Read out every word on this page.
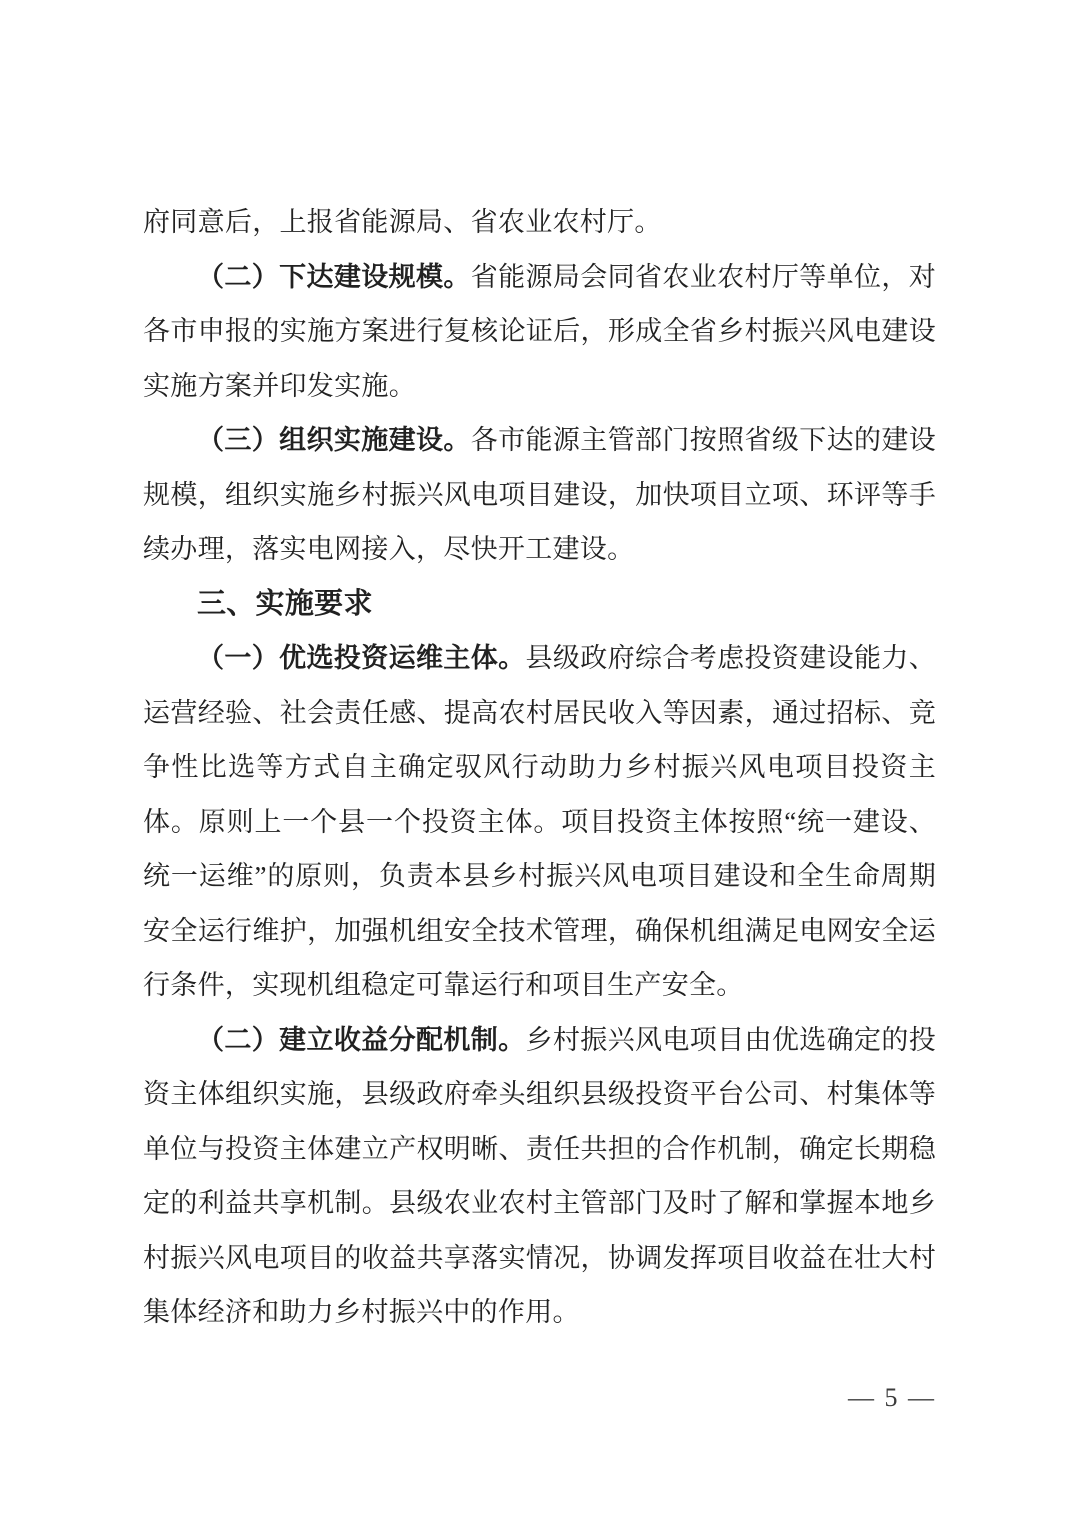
府同意后，上报省能源局、省农业农村厅。

（二）下达建设规模。省能源局会同省农业农村厅等单位，对各市申报的实施方案进行复核论证后，形成全省乡村振兴风电建设实施方案并印发实施。

（三）组织实施建设。各市能源主管部门按照省级下达的建设规模，组织实施乡村振兴风电项目建设，加快项目立项、环评等手续办理，落实电网接入，尽快开工建设。

三、实施要求

（一）优选投资运维主体。县级政府综合考虑投资建设能力、运营经验、社会责任感、提高农村居民收入等因素，通过招标、竞争性比选等方式自主确定驭风行动助力乡村振兴风电项目投资主体。原则上一个县一个投资主体。项目投资主体按照“统一建设、统一运维”的原则，负责本县乡村振兴风电项目建设和全生命周期安全运行维护，加强机组安全技术管理，确保机组满足电网安全运行条件，实现机组稳定可靠运行和项目生产安全。

（二）建立收益分配机制。乡村振兴风电项目由优选确定的投资主体组织实施，县级政府牵头组织县级投资平台公司、村集体等单位与投资主体建立产权明晰、责任共担的合作机制，确定长期稳定的利益共享机制。县级农业农村主管部门及时了解和掌握本地乡村振兴风电项目的收益共享落实情况，协调发挥项目收益在壮大村集体经济和助力乡村振兴中的作用。

— 5 —
